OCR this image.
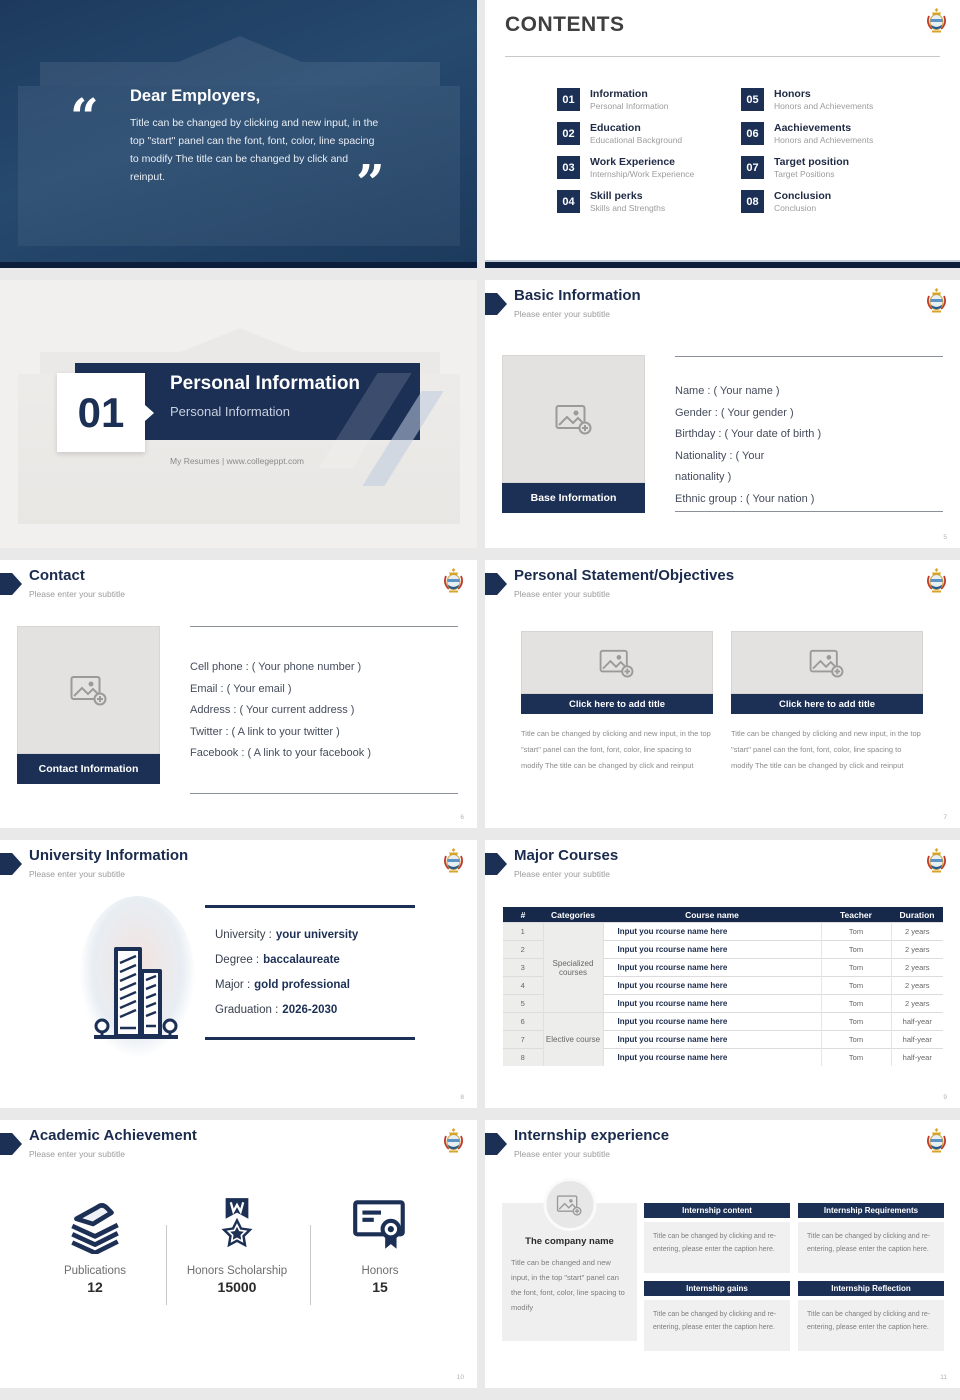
“ Dear Employers,
Title can be changed by clicking and new input, in the top "start" panel can the font, font, color, line spacing to modify The title can be changed by click and reinput.	”
CONTENTS
01	Information
Personal Information
05	Honors
Honors and Achievements
02	Education
Educational Background
06	Aachievements
Honors and Achievements
03	Work Experience
Internship/Work Experience
07	Target position
Target Positions
04	Skill perks
Skills and Strengths
08	Conclusion
Conclusion
Personal Information
Personal Information
01
My Resumes | www.collegeppt.com
Basic Information
Please enter your subtitle
Base Information
Name : ( Your name )
Gender : ( Your gender )
Birthday : ( Your date of birth )
Nationality : ( Your
nationality )
Ethnic group : ( Your nation )
5
Contact
Please enter your subtitle
Contact Information
Cell phone : ( Your phone number )
Email : ( Your email )
Address : ( Your current address )
Twitter : ( A link to your twitter )
Facebook : ( A link to your facebook )
6
Personal Statement/Objectives
Please enter your subtitle
Click here to add title
Title can be changed by clicking and new input, in the top "start" panel can the font, font, color, line spacing to modify The title can be changed by click and reinput
Click here to add title
Title can be changed by clicking and new input, in the top "start" panel can the font, font, color, line spacing to modify The title can be changed by click and reinput
7
University Information
Please enter your subtitle
University : your university
Degree : baccalaureate
Major : gold professional
Graduation : 2026-2030
8
Major Courses
Please enter your subtitle
#	Categories	Course name	Teacher	Duration
1	Specialized courses	Input you rcourse name here	Tom	2 years
2		Input you rcourse name here	Tom	2 years
3		Input you rcourse name here	Tom	2 years
4		Input you rcourse name here	Tom	2 years
5		Input you rcourse name here	Tom	2 years
6	Elective course	Input you rcourse name here	Tom	half-year
7		Input you rcourse name here	Tom	half-year
8		Input you rcourse name here	Tom	half-year
9
Academic Achievement
Please enter your subtitle
Publications
12
Honors Scholarship
15000
Honors
15
10
Internship experience
Please enter your subtitle
The company name
Title can be changed and new input, in the top "start" panel can the font, font, color, line spacing to modify
Internship content
Title can be changed by clicking and re-entering, please enter the caption here.
Internship Requirements
Title can be changed by clicking and re-entering, please enter the caption here.
Internship gains
Title can be changed by clicking and re-entering, please enter the caption here.
Internship Reflection
Title can be changed by clicking and re-entering, please enter the caption here.
11
